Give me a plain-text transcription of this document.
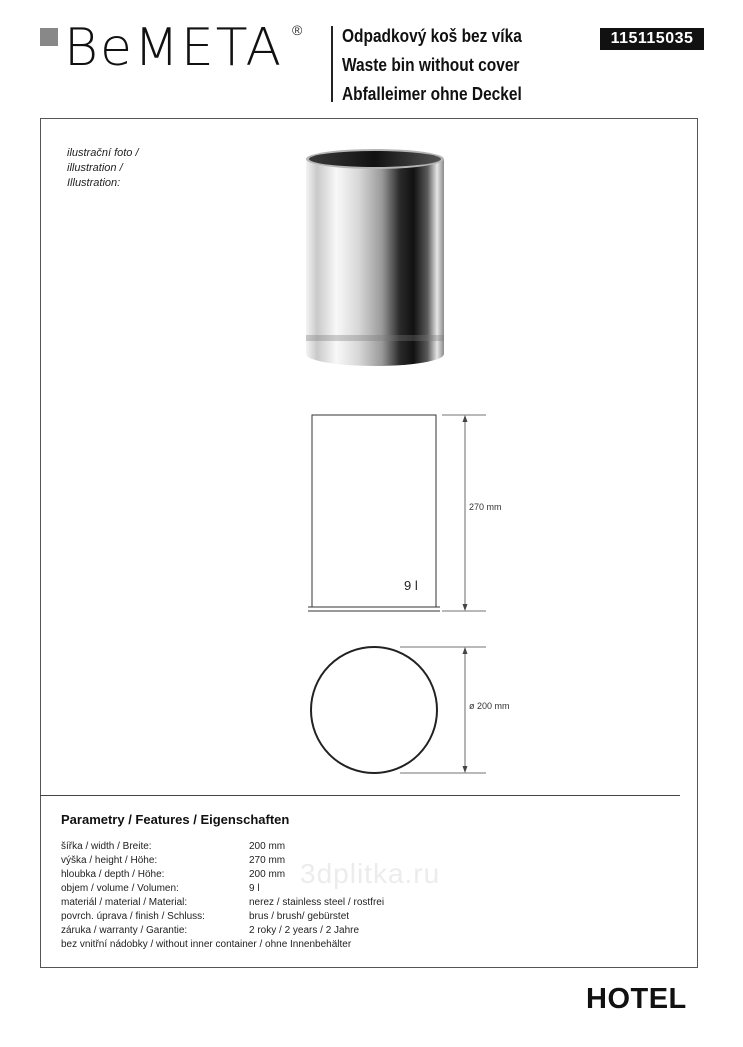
BeMETA ® Odpadkový koš bez víka
Waste bin without cover
Abfalleimer ohne Deckel
115115035
ilustrační foto /
illustration /
Illustration:
9 l
270 mm
ø 200 mm
Parametry / Features / Eigenschaften
šířka / width / Breite:	200 mm
výška / height / Höhe:	270 mm
hloubka / depth / Höhe:	200 mm
objem / volume / Volumen:	9 l
materiál / material / Material:	nerez / stainless steel / rostfrei
povrch. úprava / finish / Schluss:	brus / brush/ gebürstet
záruka / warranty / Garantie:	2 roky / 2 years / 2 Jahre
bez vnitřní nádobky / without inner container / ohne Innenbehälter
3dplitka.ru
HOTEL
